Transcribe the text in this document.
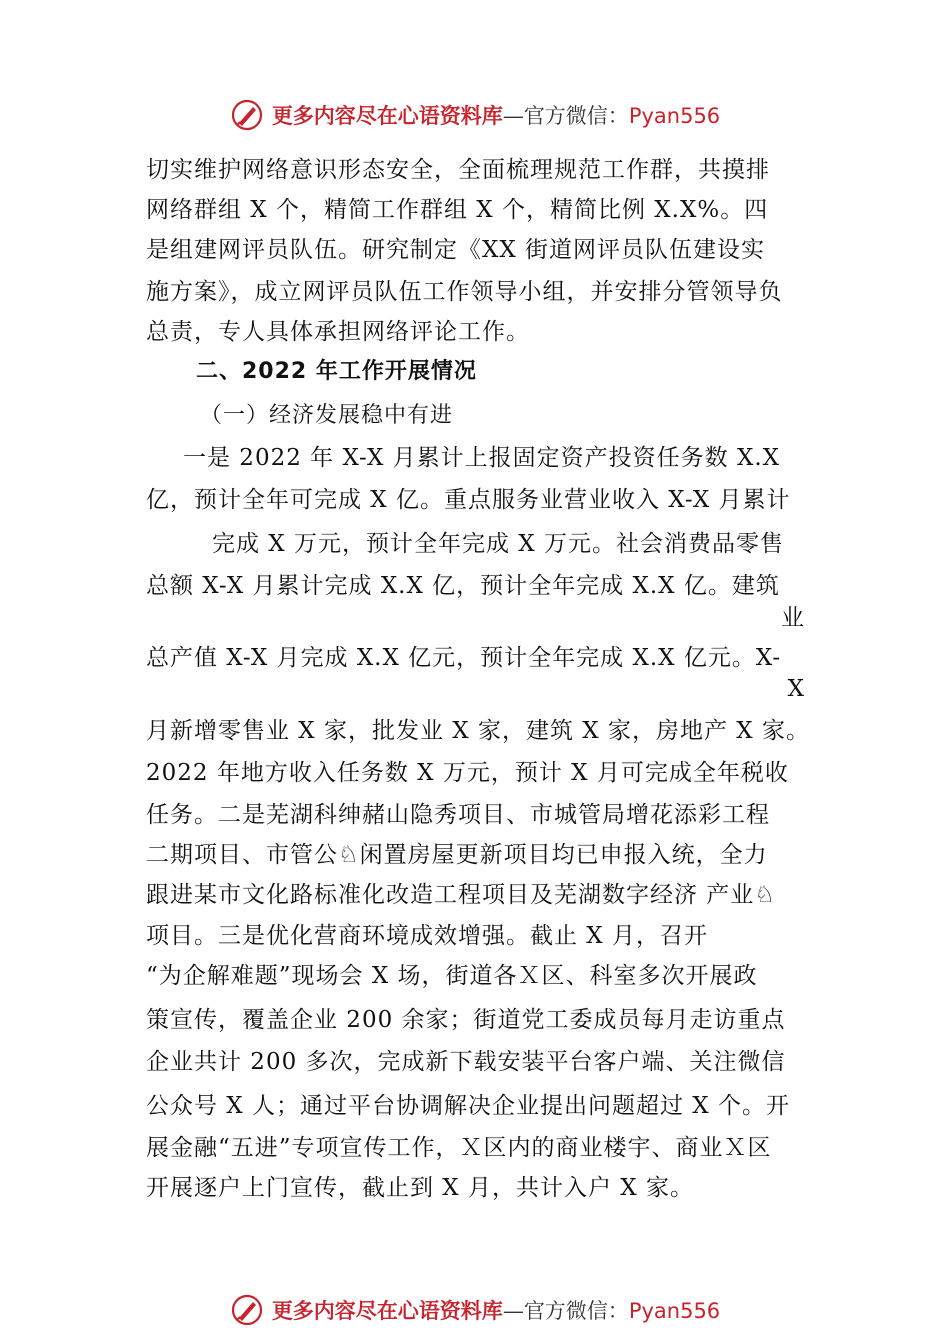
更多内容尽在心语资料库—官方微信：Pyan556
切实维护网络意识形态安全，全面梳理规范工作群，共摸排
网络群组 X 个，精简工作群组 X 个，精简比例 X.X%。四
是组建网评员队伍。研究制定《XX 街道网评员队伍建设实
施方案》，成立网评员队伍工作领导小组，并安排分管领导负
总责，专人具体承担网络评论工作。
二、2022 年工作开展情况
（一）经济发展稳中有进
一是 2022 年 X-X 月累计上报固定资产投资任务数 X.X
亿，预计全年可完成 X 亿。重点服务业营业收入 X-X 月累计
完成 X 万元，预计全年完成 X 万元。社会消费品零售
总额 X-X 月累计完成 X.X 亿，预计全年完成 X.X 亿。建筑
业
总产值 X-X 月完成 X.X 亿元，预计全年完成 X.X 亿元。X-
X
月新增零售业 X 家，批发业 X 家，建筑 X 家，房地产 X 家。
2022 年地方收入任务数 X 万元，预计 X 月可完成全年税收
任务。二是芜湖科绅赭山隐秀项目、市城管局增花添彩工程
二期项目、市管公♘闲置房屋更新项目均已申报入统，全力
跟进某市文化路标准化改造工程项目及芜湖数字经济 产业♘
项目。三是优化营商环境成效增强。截止 X 月，召开
“为企解难题”现场会 X 场，街道各Ｘ区、科室多次开展政
策宣传，覆盖企业 200 余家；街道党工委成员每月走访重点
企业共计 200 多次，完成新下载安装平台客户端、关注微信
公众号 X 人；通过平台协调解决企业提出问题超过 X 个。开
展金融“五进”专项宣传工作，Ｘ区内的商业楼宇、商业Ｘ区
开展逐户上门宣传，截止到 X 月，共计入户 X 家。
更多内容尽在心语资料库—官方微信：Pyan556
